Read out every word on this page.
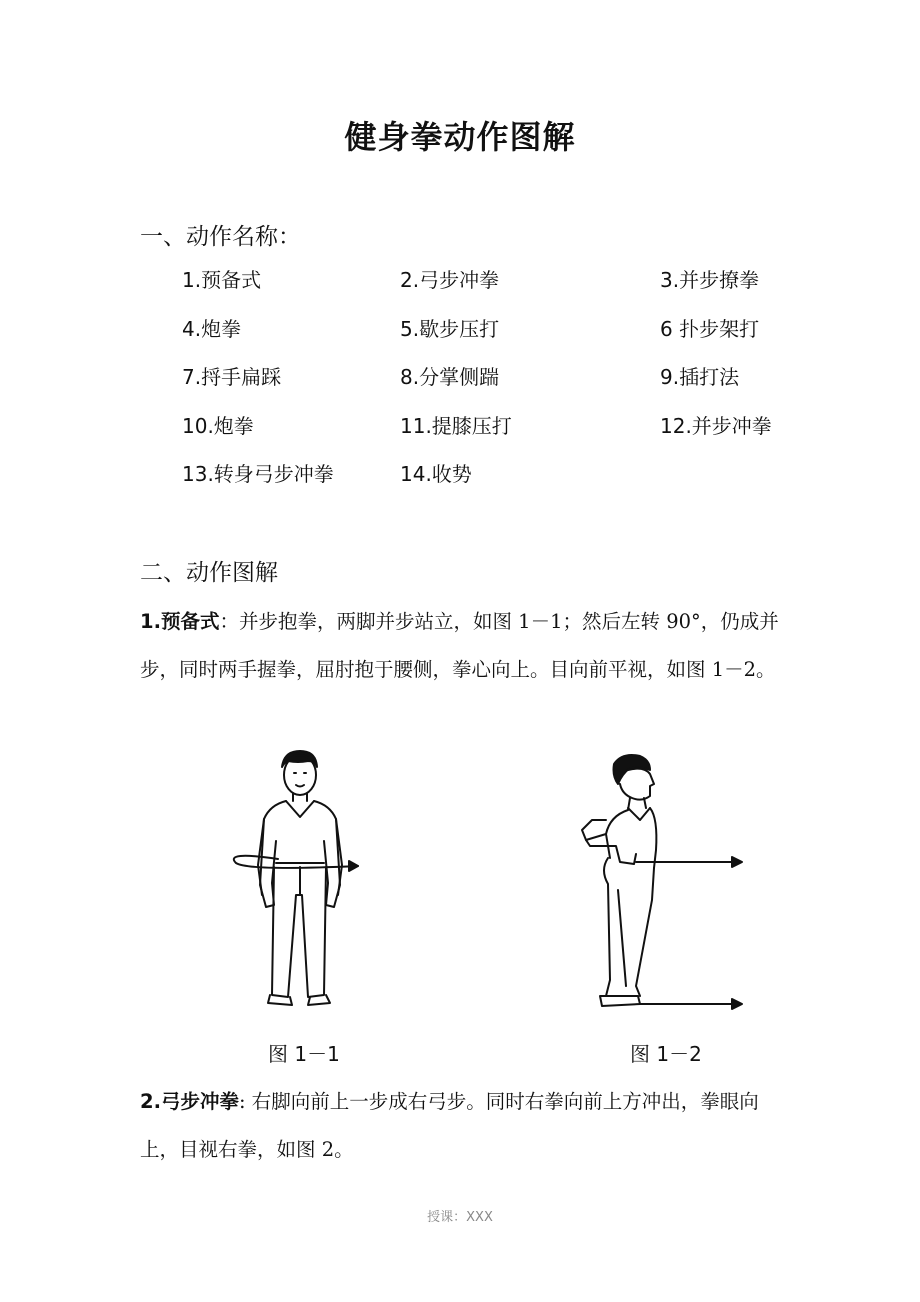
健身拳动作图解
一、动作名称：
1.预备式	2.弓步冲拳	3.并步撩拳
4.炮拳	5.歇步压打	6 扑步架打
7.捋手扁踩	8.分掌侧踹	9.插打法
10.炮拳	11.提膝压打	12.并步冲拳
13.转身弓步冲拳	14.收势
二、动作图解
1.预备式：并步抱拳，两脚并步站立，如图 1－1；然后左转 90°，仍成并步，同时两手握拳，屈肘抱于腰侧，拳心向上。目向前平视，如图 1－2。
图 1－1	图 1－2
2.弓步冲拳: 右脚向前上一步成右弓步。同时右拳向前上方冲出，拳眼向上，目视右拳，如图 2。
授课：XXX
